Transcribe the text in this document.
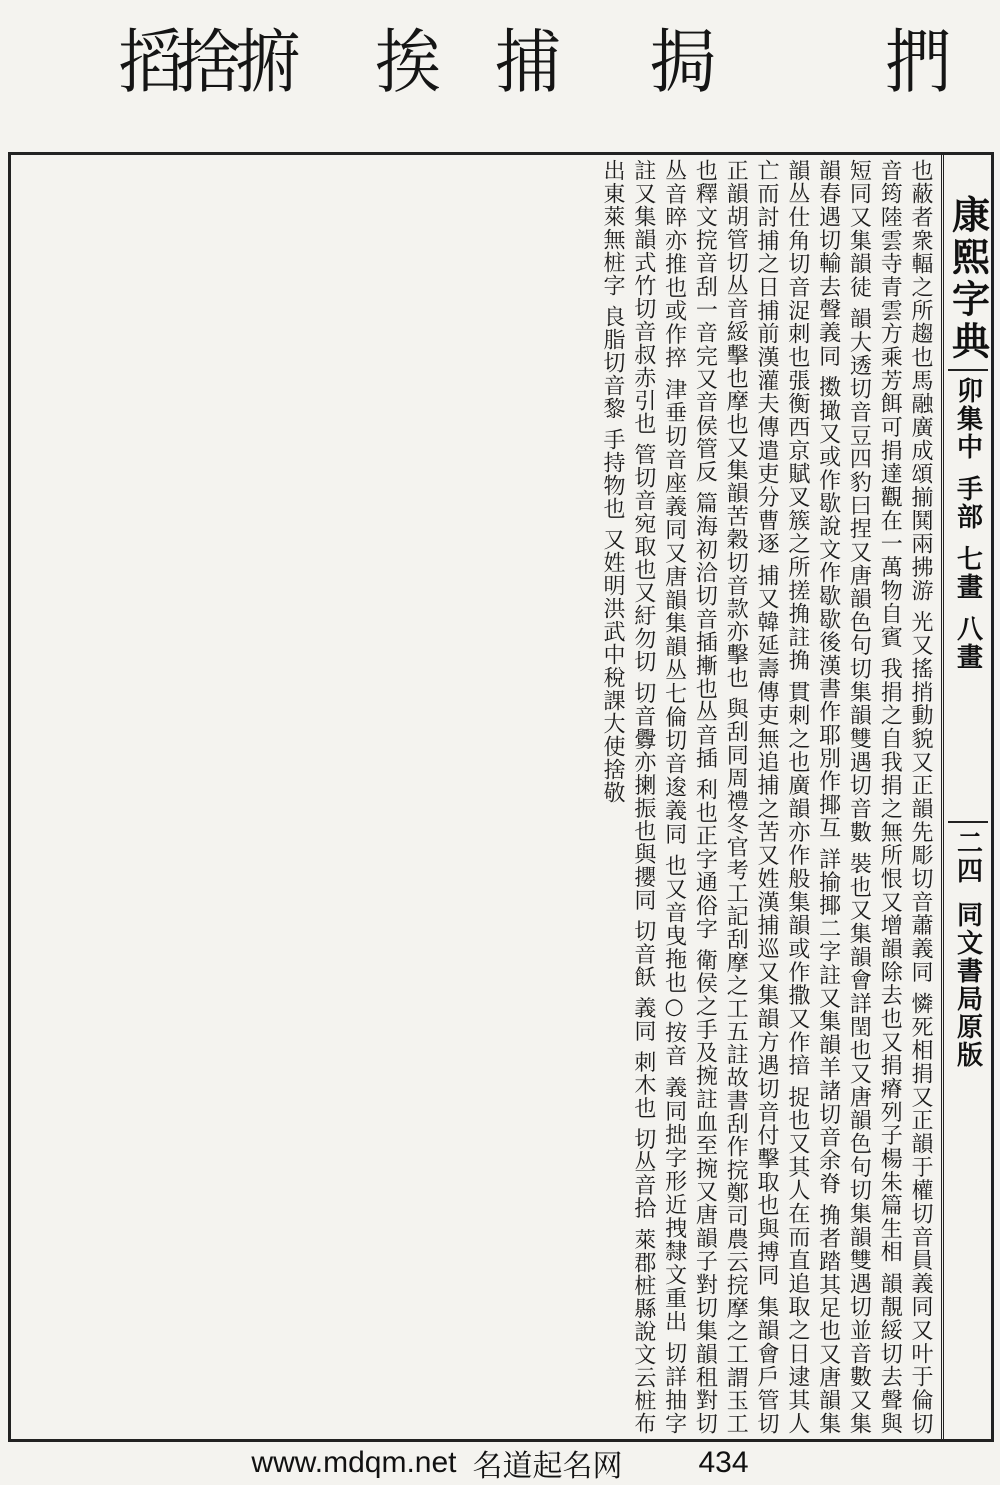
捫
挶
捕
挨
捬
捨
搯
康熙字典
卯集中
手部
七畫
八畫
二四
同文書局原版
也蔽者衆輻之所趨也馬融廣成頌揃鬨兩拂游 光又搖捎動貌又正韻先彫切音蕭義同 憐死相捐又正韻于權切音員義同又叶于倫切音筠陸雲寺青雲方乘芳餌可捐達觀在一萬物自賓 我捐之自我捐之無所恨又增韻除去也又捐瘠列子楊朱篇生相 韻靚綏切去聲與短同又集韻徒 韻大透切音豆四豹曰捏又唐韻色句切集韻雙遇切音數 裝也又集韻會詳閏也又唐韻色句切集韻雙遇切並音數又集韻春遇切輸去聲義同 擞撖又或作歇說文作歇歇後漢書作耶別作揶互 詳揄揶二字註又集韻羊諸切音余脊 捔者踏其足也又唐韻集韻丛仕角切音浞刺也張衡西京賦叉簇之所搓捔註捔 貫刺之也廣韻亦作般集韻或作撒又作揞 捉也又其人在而直追取之日逮其人亡而討捕之日捕前漢灌夫傳遣吏分曹逐 捕又韓延壽傳吏無追捕之苦又姓漢捕巡又集韻方遇切音付擊取也與搏同 集韻會戶管切正韻胡管切丛音綏擊也摩也又集韻苦穀切音款亦擊也 與刮同周禮冬官考工記刮摩之工五註故書刮作捖鄭司農云捖摩之工謂玉工也釋文捖音刮一音完又音侯管反 篇海初洽切音插摲也丛音插 利也正字通俗字 衛侯之手及捥註血至捥又唐韻子對切集韻租對切丛音晬亦推也或作捽 津垂切音座義同又唐韻集韻丛七倫切音逡義同 也又音曳拖也○按音 義同拙字形近拽隸文重出 切詳抽字註又集韻式竹切音叔赤引也 管切音宛取也又紆勿切 切音釁亦揦振也與攖同 切音飫 義同 刺木也 切丛音拾 萊郡桩縣說文云桩布出東萊無桩字 良脂切音黎 手持物也 又姓明洪武中稅課大使捨敬
www.mdqm.net 名道起名网	434
